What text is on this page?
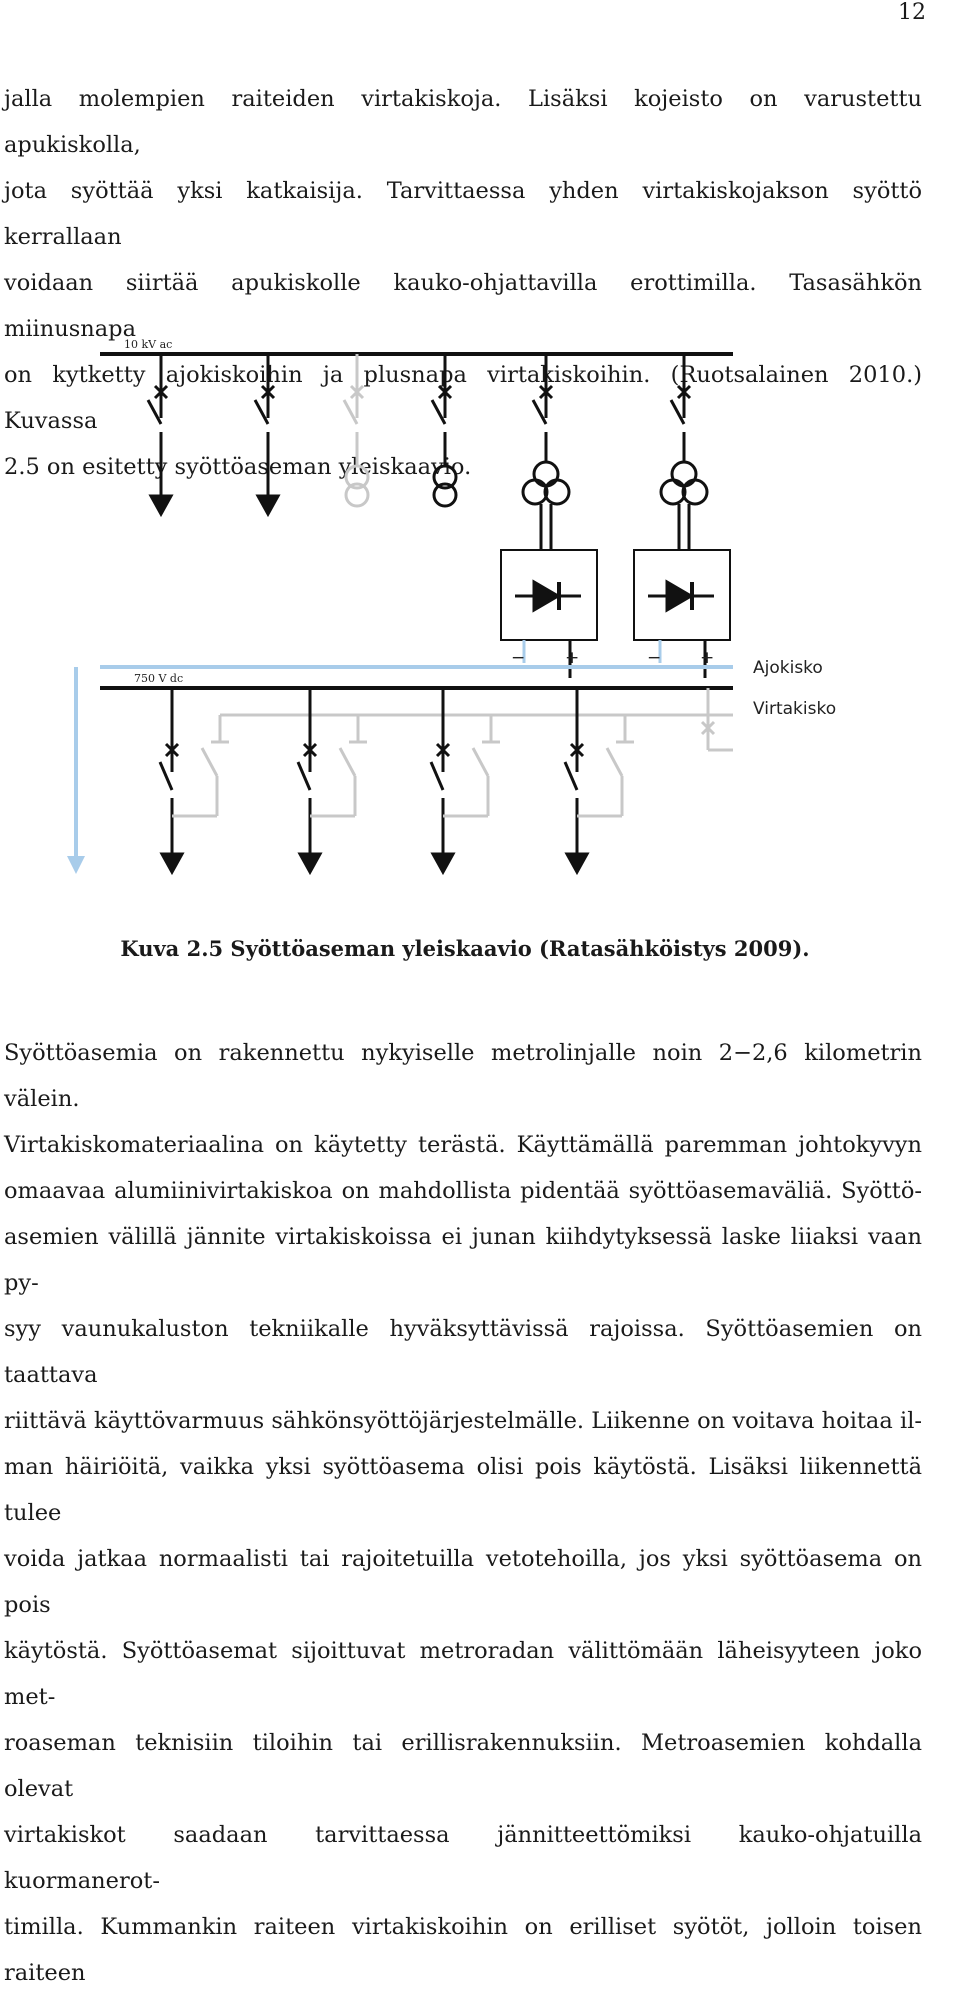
12
jalla molempien raiteiden virtakiskoja. Lisäksi kojeisto on varustettu apukiskolla,
jota syöttää yksi katkaisija. Tarvittaessa yhden virtakiskojakson syöttö kerrallaan
voidaan siirtää apukiskolle kauko-ohjattavilla erottimilla. Tasasähkön miinusnapa
on kytketty ajokiskoihin ja plusnapa virtakiskoihin. (Ruotsalainen 2010.) Kuvassa
2.5 on esitetty syöttöaseman yleiskaavio.
10 kV ac
− +	− + Ajokisko
750 V dc
Virtakisko
Kuva 2.5 Syöttöaseman yleiskaavio (Ratasähköistys 2009).
Syöttöasemia on rakennettu nykyiselle metrolinjalle noin 2−2,6 kilometrin välein.
Virtakiskomateriaalina on käytetty terästä. Käyttämällä paremman johtokyvyn
omaavaa alumiinivirtakiskoa on mahdollista pidentää syöttöasemaväliä. Syöttö-
asemien välillä jännite virtakiskoissa ei junan kiihdytyksessä laske liiaksi vaan py-
syy vaunukaluston tekniikalle hyväksyttävissä rajoissa. Syöttöasemien on taattava
riittävä käyttövarmuus sähkönsyöttöjärjestelmälle. Liikenne on voitava hoitaa il-
man häiriöitä, vaikka yksi syöttöasema olisi pois käytöstä. Lisäksi liikennettä tulee
voida jatkaa normaalisti tai rajoitetuilla vetotehoilla, jos yksi syöttöasema on pois
käytöstä. Syöttöasemat sijoittuvat metroradan välittömään läheisyyteen joko met-
roaseman teknisiin tiloihin tai erillisrakennuksiin. Metroasemien kohdalla olevat
virtakiskot saadaan tarvittaessa jännitteettömiksi kauko-ohjatuilla kuormanerot-
timilla. Kummankin raiteen virtakiskoihin on erilliset syötöt, jolloin toisen raiteen
